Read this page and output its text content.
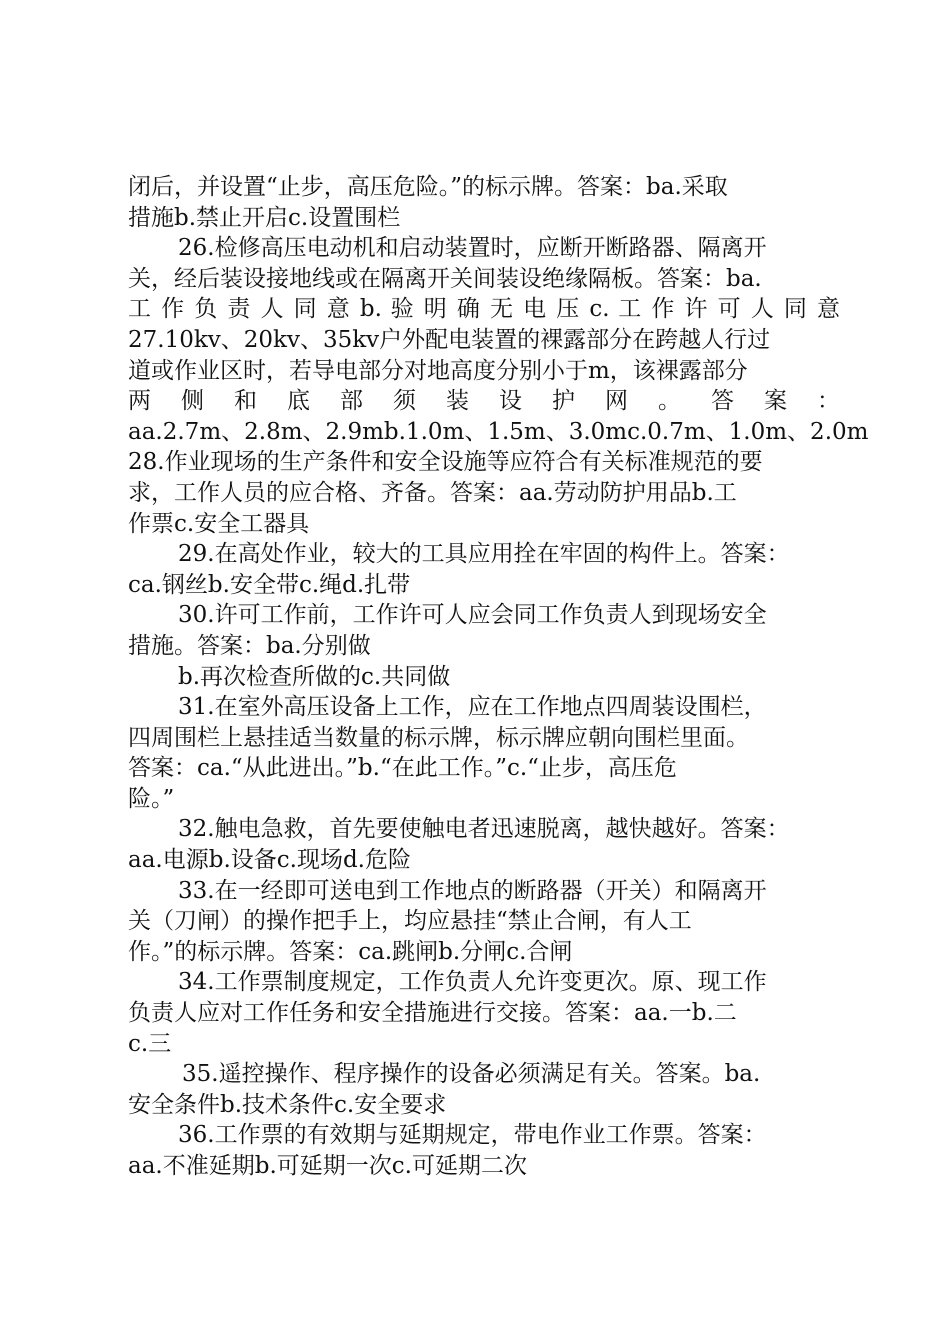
闭后，并设置“止步，高压危险。”的标示牌。答案：ba.采取
措施b.禁止开启c.设置围栏
26.检修高压电动机和启动装置时，应断开断路器、隔离开
关，经后装设接地线或在隔离开关间装设绝缘隔板。答案：ba.
工 作 负 责 人 同 意 b. 验 明 确 无 电 压 c. 工 作 许 可 人 同 意
27.10kv、20kv、35kv户外配电装置的裸露部分在跨越人行过
道或作业区时，若导电部分对地高度分别小于m，该裸露部分
两 侧 和 底 部 须 装 设 护 网 。 答 案 ：
aa.2.7m、2.8m、2.9mb.1.0m、1.5m、3.0mc.0.7m、1.0m、2.0m
28.作业现场的生产条件和安全设施等应符合有关标准规范的要
求，工作人员的应合格、齐备。答案：aa.劳动防护用品b.工
作票c.安全工器具
29.在高处作业，较大的工具应用拴在牢固的构件上。答案：
ca.钢丝b.安全带c.绳d.扎带
30.许可工作前，工作许可人应会同工作负责人到现场安全
措施。答案：ba.分别做
b.再次检查所做的c.共同做
31.在室外高压设备上工作，应在工作地点四周装设围栏，
四周围栏上悬挂适当数量的标示牌，标示牌应朝向围栏里面。
答案：ca.“从此进出。”b.“在此工作。”c.“止步，高压危
险。”
32.触电急救，首先要使触电者迅速脱离，越快越好。答案：
aa.电源b.设备c.现场d.危险
33.在一经即可送电到工作地点的断路器（开关）和隔离开
关（刀闸）的操作把手上，均应悬挂“禁止合闸，有人工
作。”的标示牌。答案：ca.跳闸b.分闸c.合闸
34.工作票制度规定，工作负责人允许变更次。原、现工作
负责人应对工作任务和安全措施进行交接。答案：aa.一b.二
c.三
35.遥控操作、程序操作的设备必须满足有关。答案。ba.
安全条件b.技术条件c.安全要求
36.工作票的有效期与延期规定，带电作业工作票。答案：
aa.不准延期b.可延期一次c.可延期二次
